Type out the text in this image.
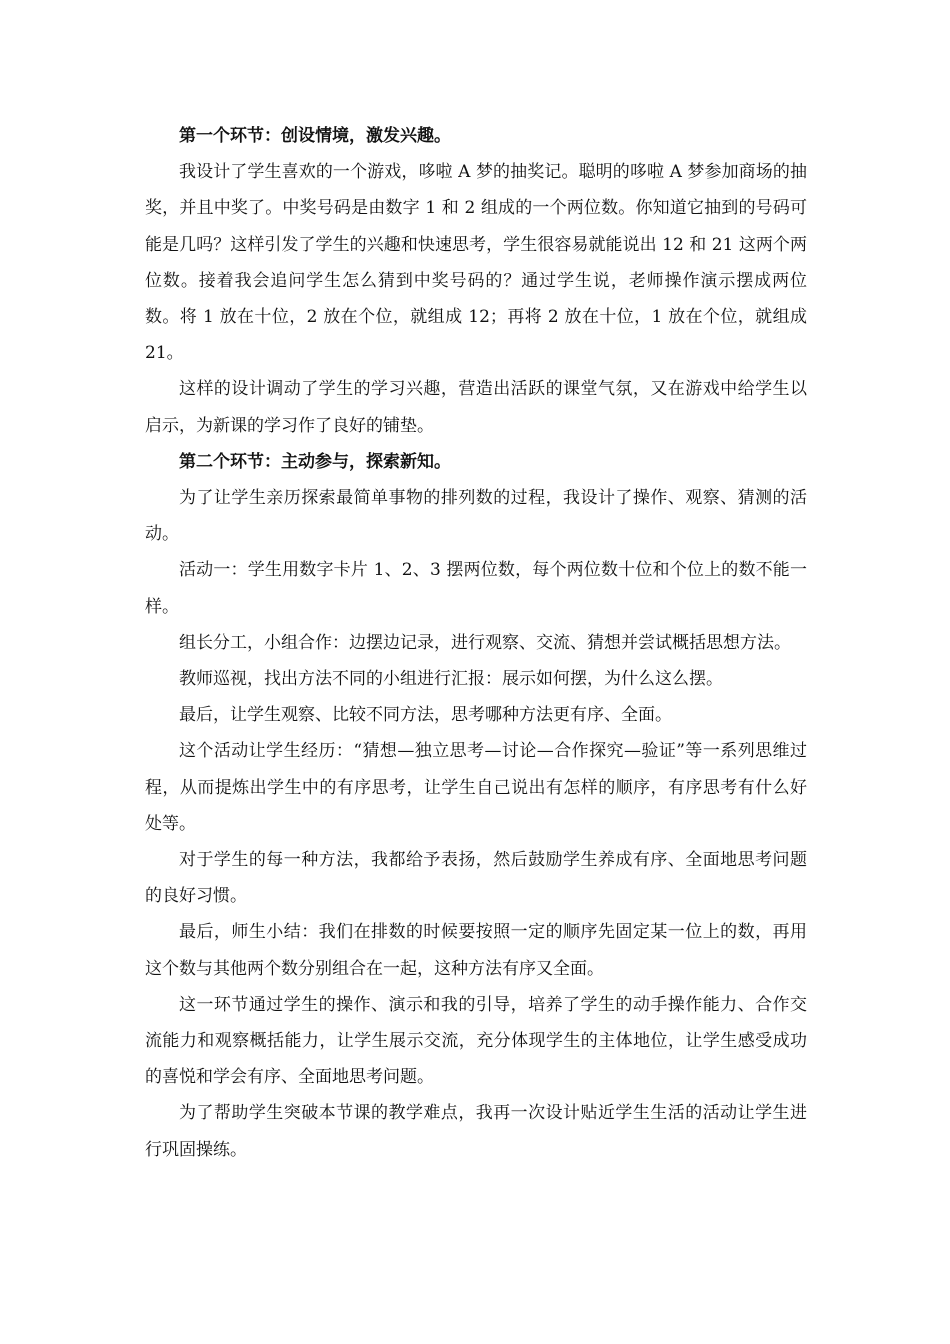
第一个环节：创设情境，激发兴趣。

我设计了学生喜欢的一个游戏，哆啦 A 梦的抽奖记。聪明的哆啦 A 梦参加商场的抽奖，并且中奖了。中奖号码是由数字 1 和 2 组成的一个两位数。你知道它抽到的号码可能是几吗？这样引发了学生的兴趣和快速思考，学生很容易就能说出 12 和 21 这两个两位数。接着我会追问学生怎么猜到中奖号码的？通过学生说，老师操作演示摆成两位数。将 1 放在十位，2 放在个位，就组成 12；再将 2 放在十位，1 放在个位，就组成 21。

这样的设计调动了学生的学习兴趣，营造出活跃的课堂气氛，又在游戏中给学生以启示，为新课的学习作了良好的铺垫。

第二个环节：主动参与，探索新知。

为了让学生亲历探索最简单事物的排列数的过程，我设计了操作、观察、猜测的活动。

活动一：学生用数字卡片 1、2、3 摆两位数，每个两位数十位和个位上的数不能一样。

组长分工，小组合作：边摆边记录，进行观察、交流、猜想并尝试概括思想方法。

教师巡视，找出方法不同的小组进行汇报：展示如何摆，为什么这么摆。

最后，让学生观察、比较不同方法，思考哪种方法更有序、全面。

这个活动让学生经历：“猜想—独立思考—讨论—合作探究—验证”等一系列思维过程，从而提炼出学生中的有序思考，让学生自己说出有怎样的顺序，有序思考有什么好处等。

对于学生的每一种方法，我都给予表扬，然后鼓励学生养成有序、全面地思考问题的良好习惯。

最后，师生小结：我们在排数的时候要按照一定的顺序先固定某一位上的数，再用这个数与其他两个数分别组合在一起，这种方法有序又全面。

这一环节通过学生的操作、演示和我的引导，培养了学生的动手操作能力、合作交流能力和观察概括能力，让学生展示交流，充分体现学生的主体地位，让学生感受成功的喜悦和学会有序、全面地思考问题。

为了帮助学生突破本节课的教学难点，我再一次设计贴近学生生活的活动让学生进行巩固操练。
